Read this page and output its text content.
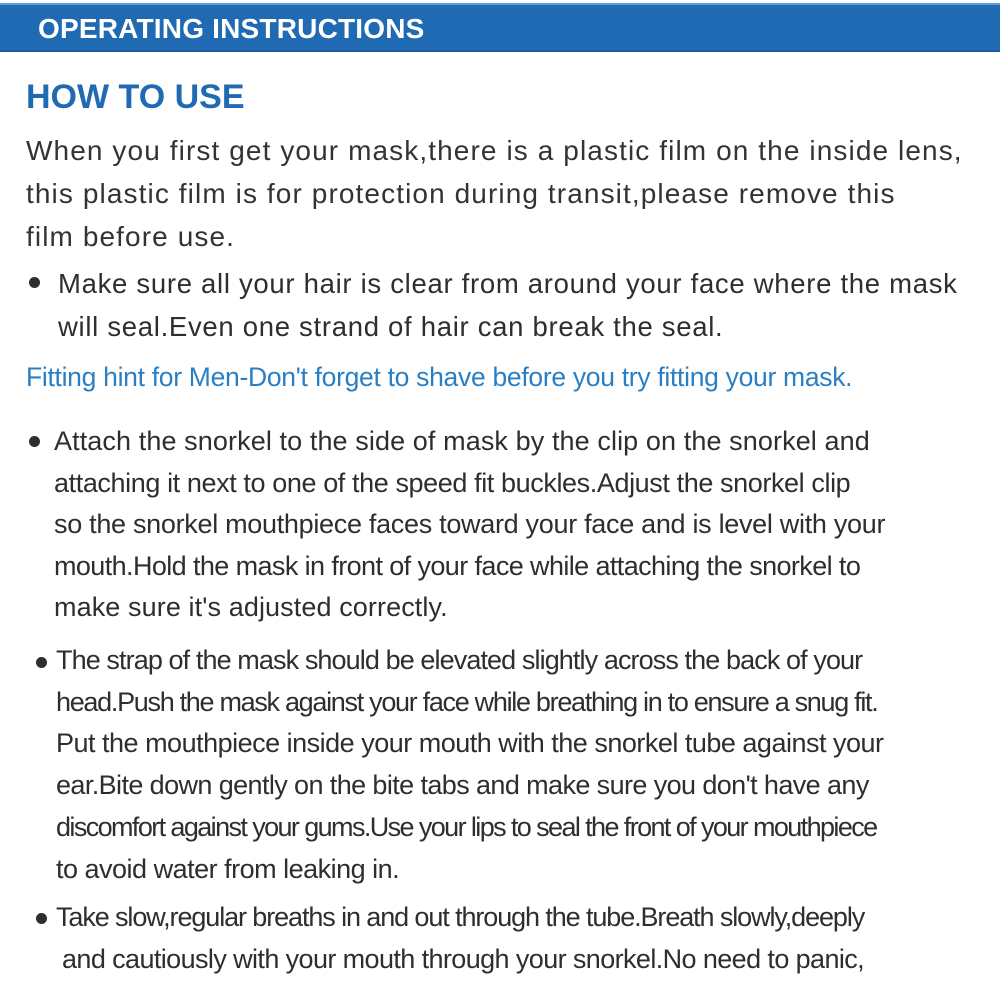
OPERATING INSTRUCTIONS
HOW TO USE

When you first get your mask,there is a plastic film on the inside lens,
this plastic film is for protection during transit,please remove this
film before use.

Make sure all your hair is clear from around your face where the mask
will seal.Even one strand of hair can break the seal.
Fitting hint for Men-Don't forget to shave before you try fitting your mask.
Attach the snorkel to the side of mask by the clip on the snorkel and
attaching it next to one of the speed fit buckles.Adjust the snorkel clip
so the snorkel mouthpiece faces toward your face and is level with your
mouth.Hold the mask in front of your face while attaching the snorkel to
make sure it's adjusted correctly.
The strap of the mask should be elevated slightly across the back of your
head.Push the mask against your face while breathing in to ensure a snug fit.
Put the mouthpiece inside your mouth with the snorkel tube against your
ear.Bite down gently on the bite tabs and make sure you don't have any
discomfort against your gums.Use your lips to seal the front of your mouthpiece
to avoid water from leaking in.
Take slow,regular breaths in and out through the tube.Breath slowly,deeply
and cautiously with your mouth through your snorkel.No need to panic,
